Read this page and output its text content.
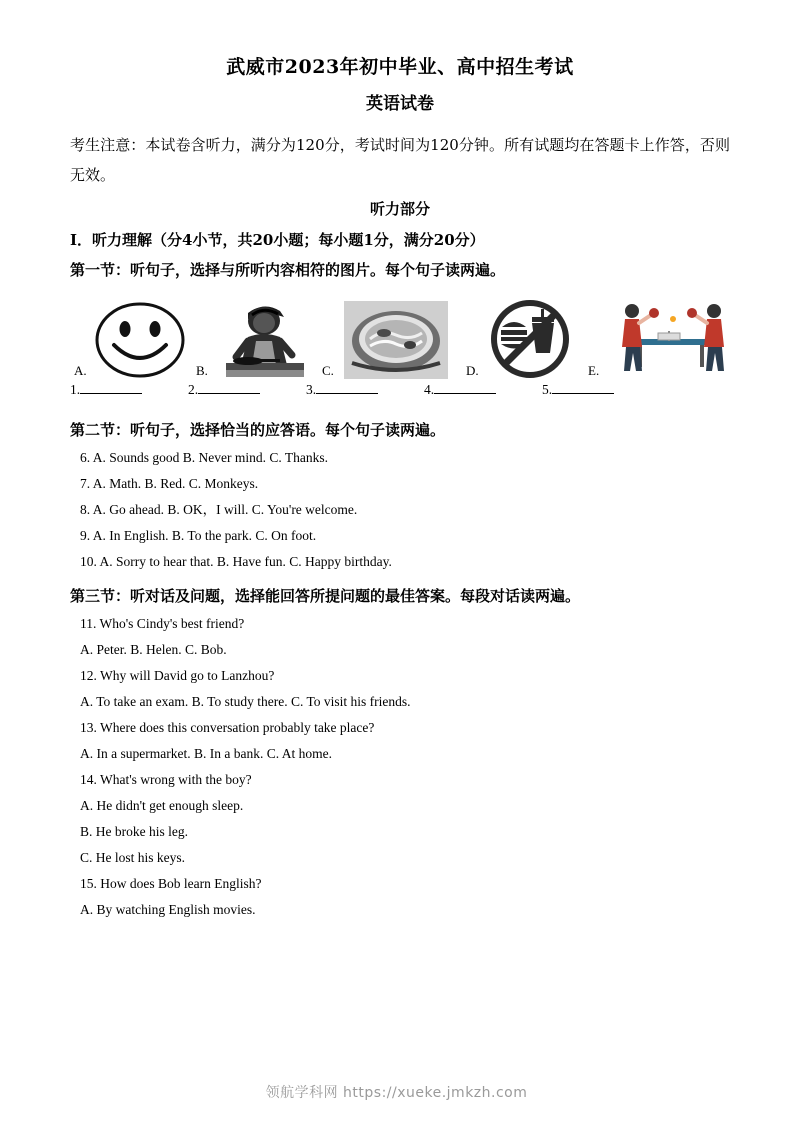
武威市2023年初中毕业、高中招生考试
英语试卷
考生注意：本试卷含听力，满分为120分，考试时间为120分钟。所有试题均在答题卡上作答，否则无效。
听力部分
Ⅰ．听力理解（分4小节，共20小题；每小题1分，满分20分）
第一节：听句子，选择与所听内容相符的图片。每个句子读两遍。
A.	B.	C.	D.	E.
1.	2.	3.	4.	5.
第二节：听句子，选择恰当的应答语。每个句子读两遍。
6. A. Sounds good B. Never mind. C. Thanks.
7. A. Math. B. Red. C. Monkeys.
8. A. Go ahead. B. OK，I will. C. You're welcome.
9. A. In English. B. To the park. C. On foot.
10. A. Sorry to hear that. B. Have fun. C. Happy birthday.
第三节：听对话及问题，选择能回答所提问题的最佳答案。每段对话读两遍。
11. Who's Cindy's best friend?
A. Peter. B. Helen. C. Bob.
12. Why will David go to Lanzhou?
A. To take an exam. B. To study there. C. To visit his friends.
13. Where does this conversation probably take place?
A. In a supermarket. B. In a bank. C. At home.
14. What's wrong with the boy?
A. He didn't get enough sleep.
B. He broke his leg.
C. He lost his keys.
15. How does Bob learn English?
A. By watching English movies.
领航学科网 https://xueke.jmkzh.com
